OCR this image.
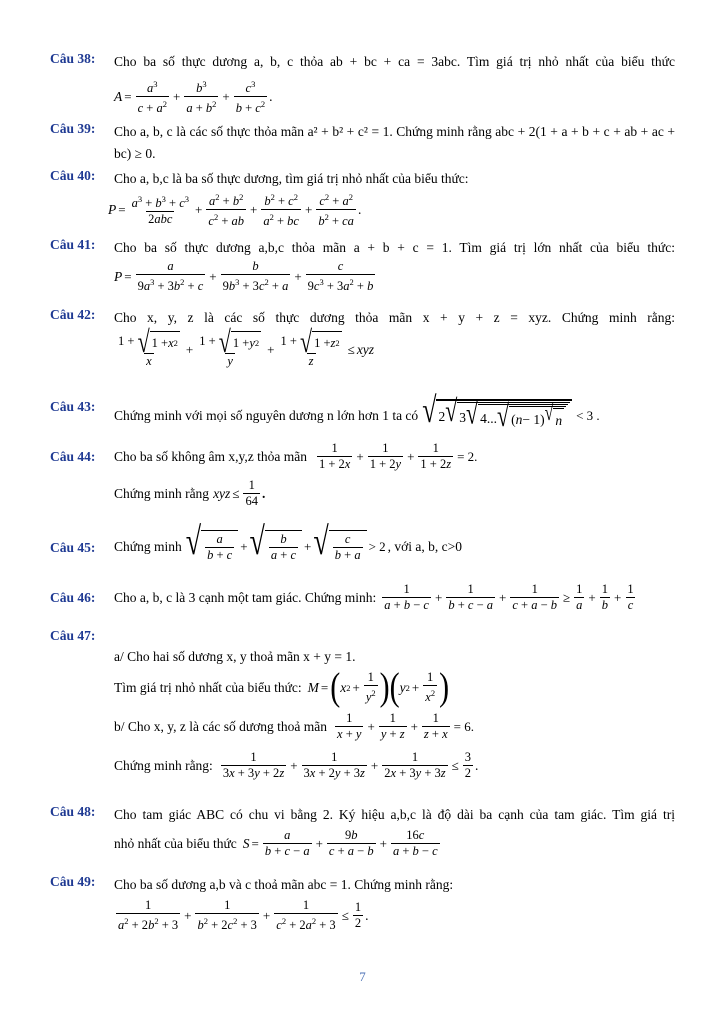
Câu 38: Cho ba số thực dương a, b, c thỏa ab + bc + ca = 3abc. Tìm giá trị nhỏ nhất của biểu thức
$A = \frac{a^3}{c + a^2} + \frac{b^3}{a + b^2} + \frac{c^3}{b + c^2}$ .
Câu 39: Cho a, b, c là các số thực thỏa mãn a² + b² + c² = 1. Chứng minh rằng abc + 2(1 + a + b + c + ab + ac + bc) ≥ 0.
Câu 40: Cho a, b,c là ba số thực dương, tìm giá trị nhỏ nhất của biểu thức:
$P = a^3 + b^3 + c^3$
2abc
+ $\frac{a^2 + b^2}{c^2 + ab} + \frac{b^2 + c^2}{a^2 + bc} + \frac{c^2 + a^2}{b^2 + ca}$ .
Câu 41: Cho ba số thực dương a,b,c thỏa mãn a + b + c = 1. Tìm giá trị lớn nhất của biểu thức:
$P = \frac{a}{9a^3 + 3b^2 + c} + \frac{b}{9b^3 + 3c^2 + a} + \frac{c}{9c^3 + 3a^2 + b}$
Câu 42: Cho x, y, z là các số thực dương thỏa mãn x + y + z = xyz. Chứng minh rằng:
1 + √ 1 + x 2
x
+ $\frac{1 + √ 1 + y 2}{y} + \frac{1 + √ 1 + z 2}{z}$ ≤ xyz
Câu 43:
Chứng minh với mọi số nguyên dương n lớn hơn 1 ta có √ 2 √ 3 √ 4... √ ( n − 1) √ n < 3 .
Câu 44: Cho ba số không âm x,y,z thỏa mãn
1
1 + 2x
+ $\frac{1}{1 + 2y} + \frac{1}{1 + 2z} = 2$.
Chứng minh rằng xyz ≤ $\frac{1}{64}$ .
Câu 45: Chứng minh √ a
b + c
+ √ b
a + c
+ √ c
b + a
> 2 , với a, b, c>0
Câu 46: Cho a, b, c là 3 cạnh một tam giác. Chứng minh:
1
a + b − c
+ $\frac{1}{b + c - a} + \frac{1}{c + a - b} \ge \frac{1}{a} + \frac{1}{b} + \frac{1}{c}$
Câu 47:
a/ Cho hai số dương x, y thoả mãn x + y = 1.
Tìm giá trị nhỏ nhất của biểu thức: M = ( x $2 + \frac{1}{y^2}$ ) ( y $2 + \frac{1}{x^2}$ )
b/ Cho x, y, z là các số dương thoả mãn
1
x + y
+ $\frac{1}{y + z} + \frac{1}{z + x} = 6$.
Chứng minh rằng:
1
3x + 3y + 2z
+ $\frac{1}{3x + 2y + 3z} + \frac{1}{2x + 3y + 3z} \le \frac{3}{2}$ .
Câu 48: Cho tam giác ABC có chu vi bằng 2. Ký hiệu a,b,c là độ dài ba cạnh của tam giác. Tìm giá trị
nhỏ nhất của biểu thức $S = \frac{a}{b + c - a} + \frac{9b}{c + a - b} + \frac{16c}{a + b - c}$
Câu 49: Cho ba số dương a,b và c thoả mãn abc = 1. Chứng minh rằng:
1
$a^2 + 2b^2 + 3$
+ $\frac{1}{b^2 + 2c^2 + 3} + \frac{1}{c^2 + 2a^2 + 3} \le \frac{1}{2}$ .
7
